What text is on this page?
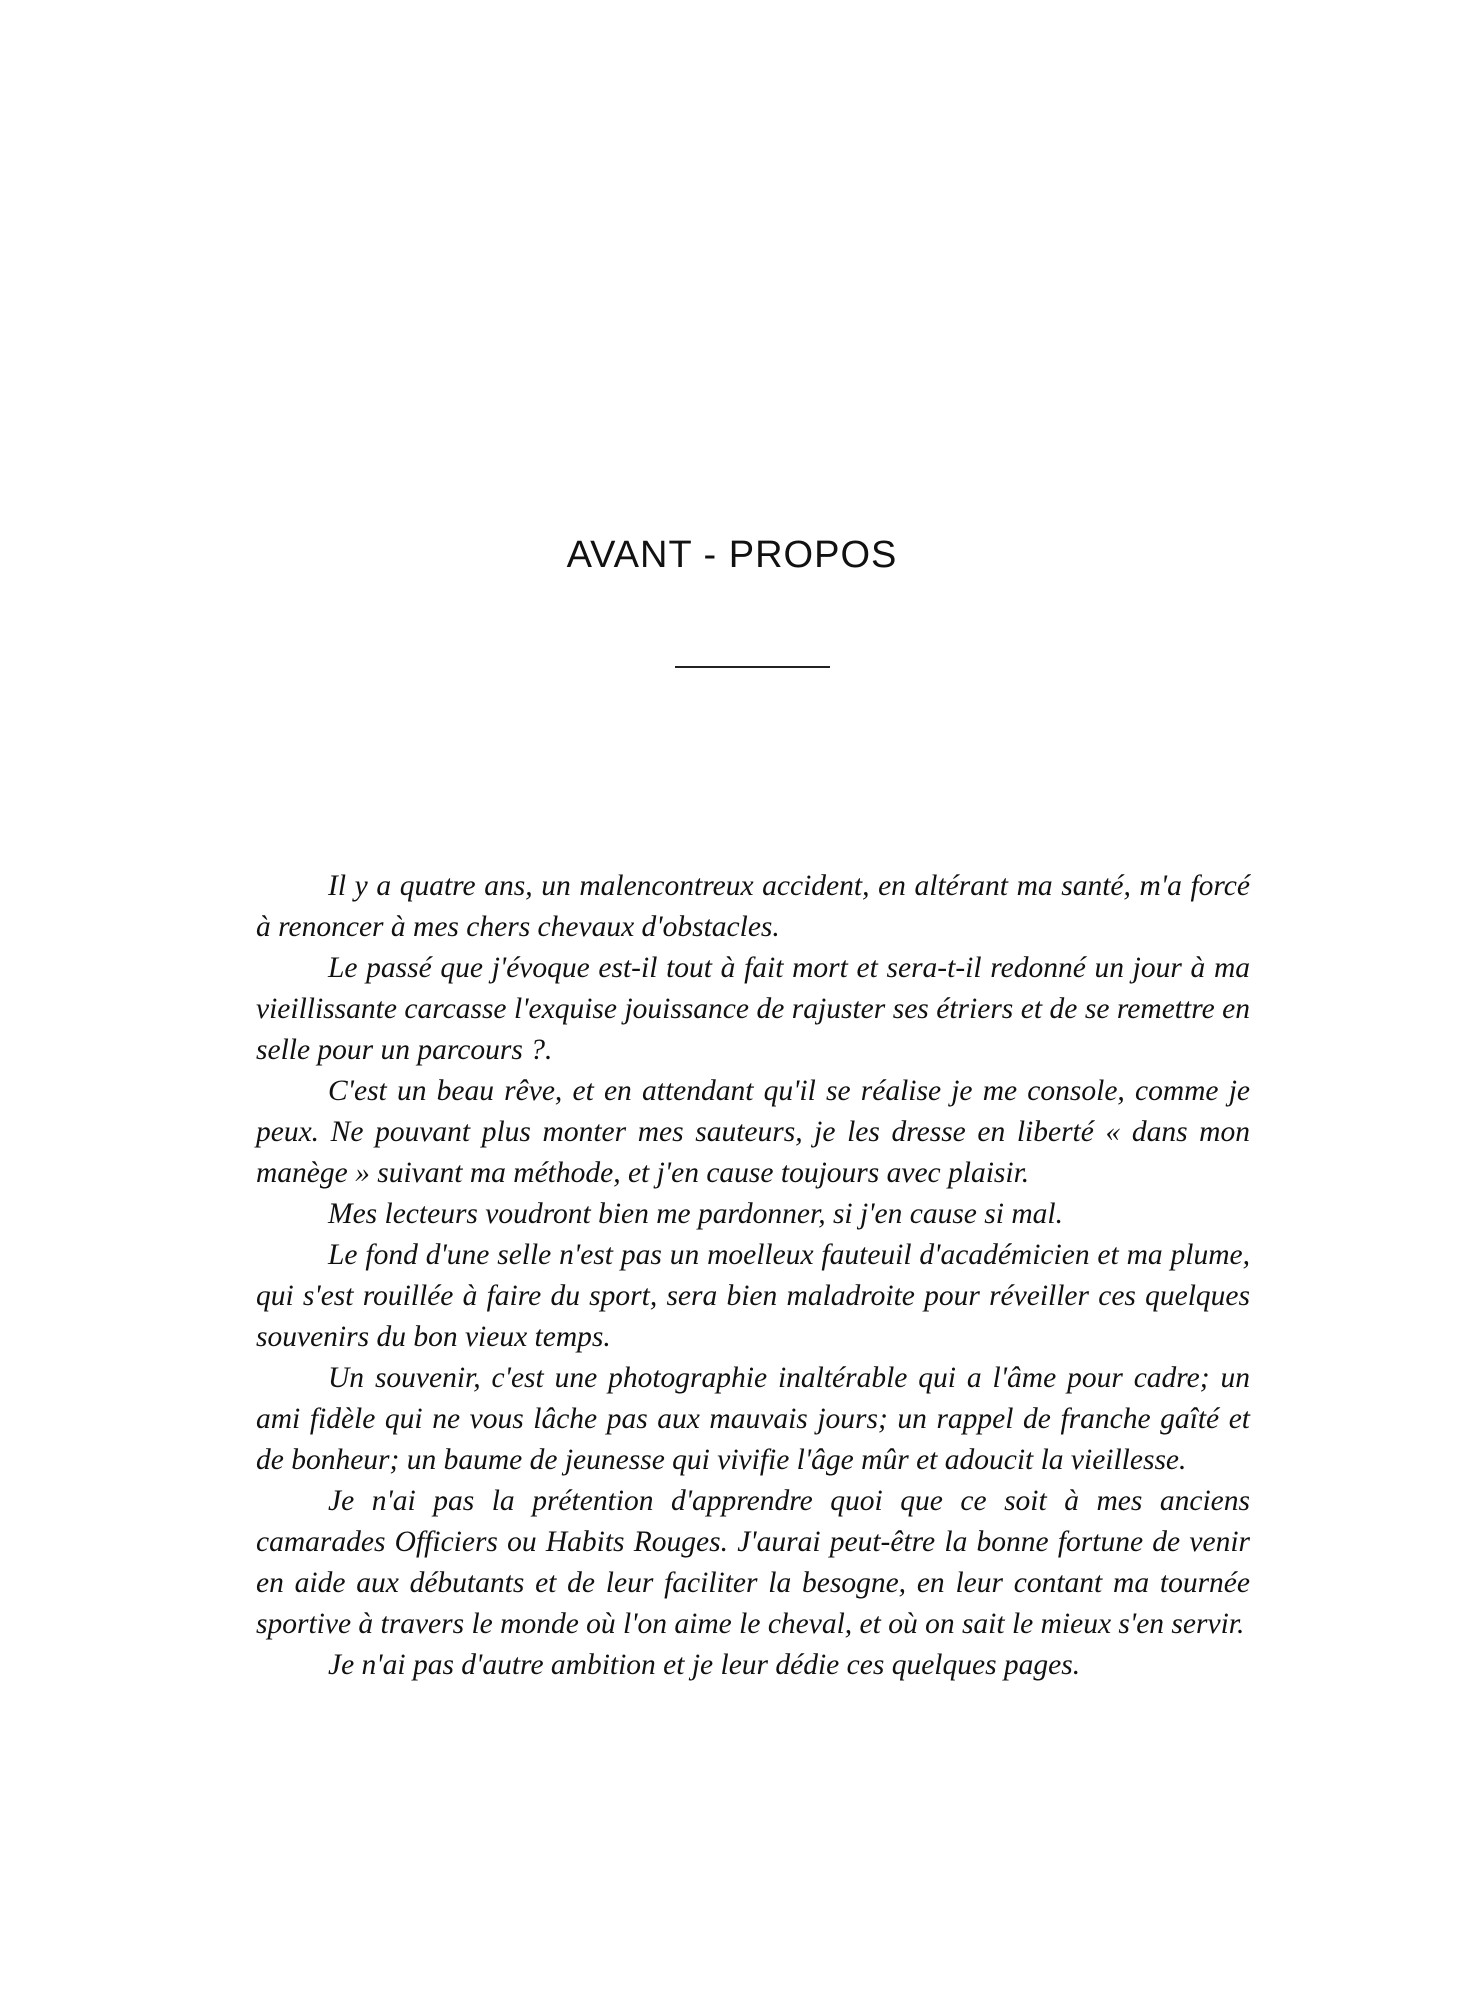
AVANT - PROPOS

Il y a quatre ans, un malencontreux accident, en altérant ma santé, m'a forcé à renoncer à mes chers chevaux d'obstacles.

Le passé que j'évoque est-il tout à fait mort et sera-t-il redonné un jour à ma vieillissante carcasse l'exquise jouissance de rajuster ses étriers et de se remettre en selle pour un parcours ?.

C'est un beau rêve, et en attendant qu'il se réalise je me console, comme je peux. Ne pouvant plus monter mes sauteurs, je les dresse en liberté « dans mon manège » suivant ma méthode, et j'en cause toujours avec plaisir.

Mes lecteurs voudront bien me pardonner, si j'en cause si mal.

Le fond d'une selle n'est pas un moelleux fauteuil d'académicien et ma plume, qui s'est rouillée à faire du sport, sera bien maladroite pour réveiller ces quelques souvenirs du bon vieux temps.

Un souvenir, c'est une photographie inaltérable qui a l'âme pour cadre; un ami fidèle qui ne vous lâche pas aux mauvais jours; un rappel de franche gaîté et de bonheur; un baume de jeunesse qui vivifie l'âge mûr et adoucit la vieillesse.

Je n'ai pas la prétention d'apprendre quoi que ce soit à mes anciens camarades Officiers ou Habits Rouges. J'aurai peut-être la bonne fortune de venir en aide aux débutants et de leur faciliter la besogne, en leur contant ma tournée sportive à travers le monde où l'on aime le cheval, et où on sait le mieux s'en servir.

Je n'ai pas d'autre ambition et je leur dédie ces quelques pages.
